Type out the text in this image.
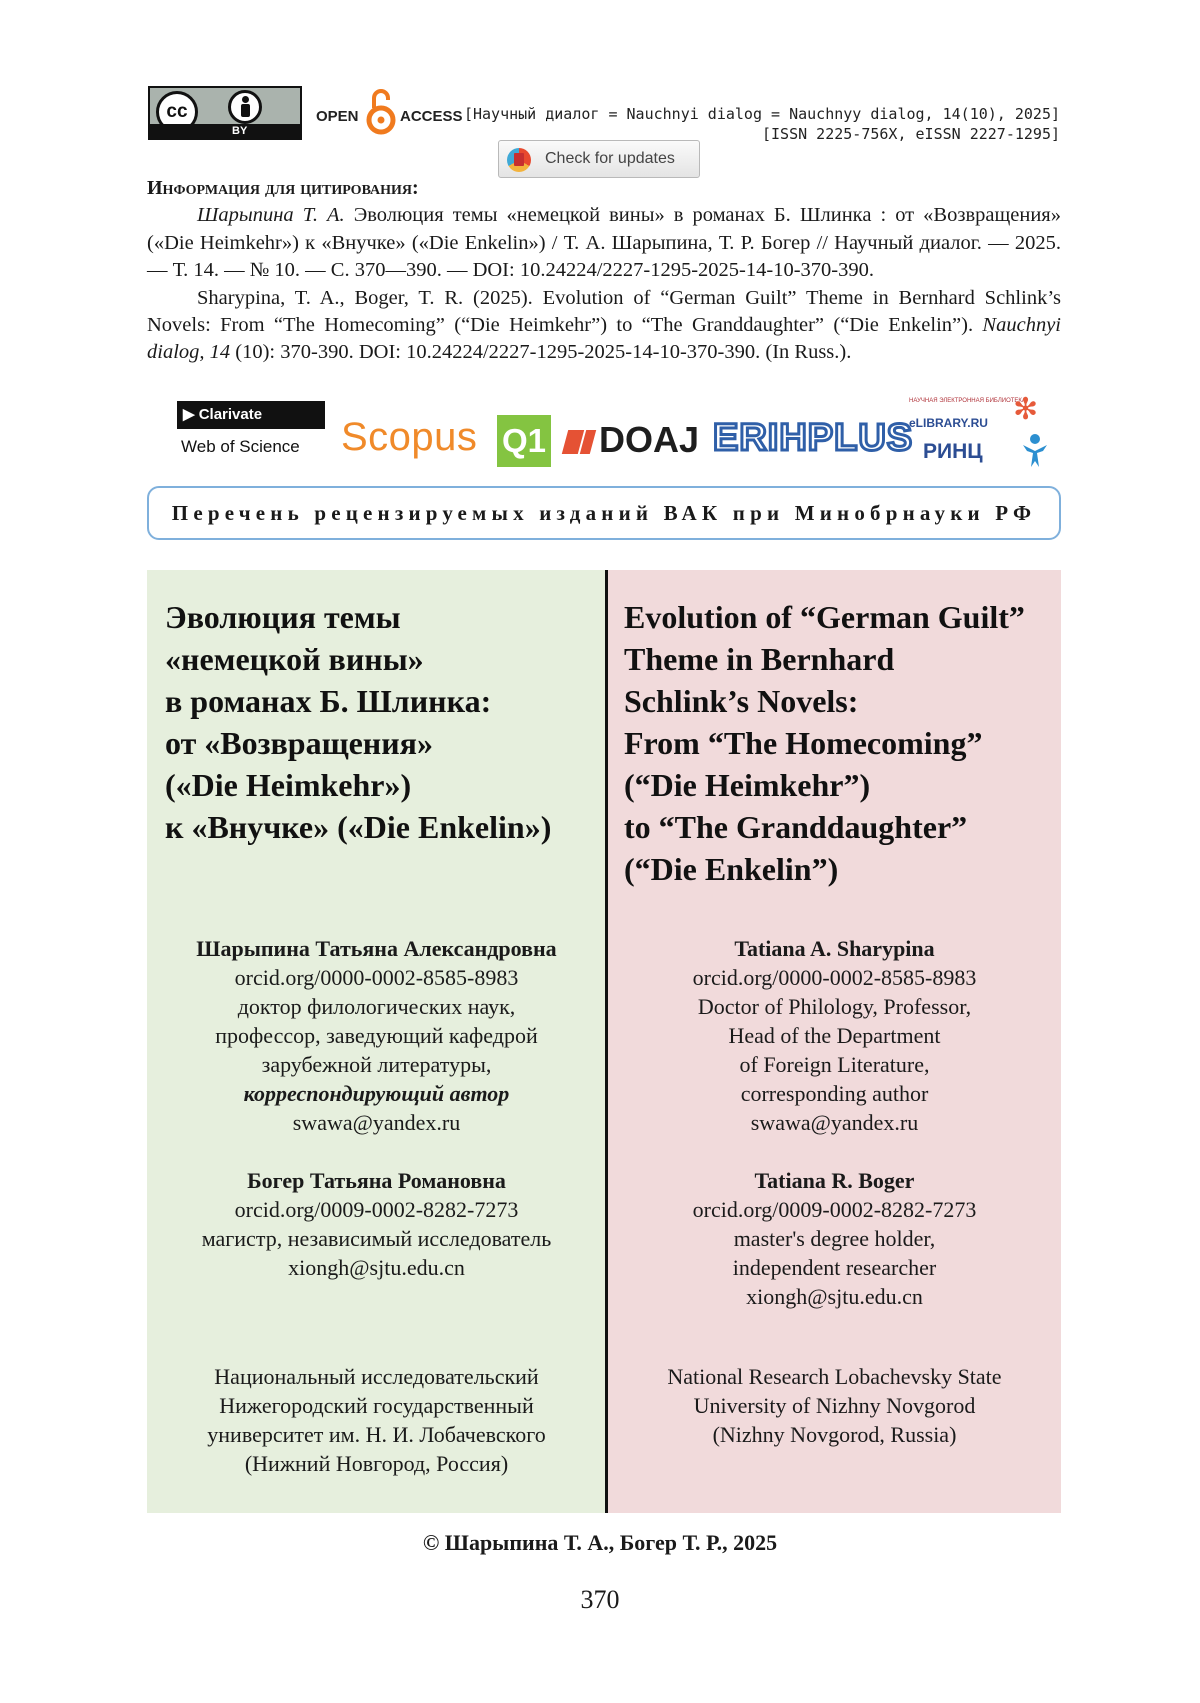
cc
BY
OPEN	ACCESS [Научный диалог = Nauchnyi dialog = Nauchnyy dialog, 14(10), 2025]
[ISSN 2225-756X, eISSN 2227-1295]
Check for updates
Информация для цитирования:

Шарыпина Т. А. Эволюция темы «немецкой вины» в романах Б. Шлинка : от «Возвращения» («Die Heimkehr») к «Внучке» («Die Enkelin») / Т. А. Шарыпина, Т. Р. Богер // Научный диалог. — 2025. — Т. 14. — № 10. — С. 370—390. — DOI: 10.24224/2227-1295-2025-14-10-370-390.

Sharypina, T. A., Boger, T. R. (2025). Evolution of “German Guilt” Theme in Bernhard Schlink’s Novels: From “The Homecoming” (“Die Heimkehr”) to “The Granddaughter” (“Die Enkelin”). Nauchnyi dialog, 14 (10): 370-390. DOI: 10.24224/2227-1295-2025-14-10-370-390. (In Russ.).

▶ Clarivate
Web of Science Scopus Q1	DOAJ ERIHPLUS
НАУЧНАЯ ЭЛЕКТРОННАЯ БИБЛИОТЕКА
eLIBRARY.RU
РИНЦ
✻
Перечень рецензируемых изданий ВАК при Минобрнауки РФ
Эволюция темы
«немецкой вины»
в романах Б. Шлинка:
от «Возвращения»
(«Die Heimkehr»)
к «Внучке» («Die Enkelin»)
Шарыпина Татьяна Александровна
orcid.org/0000-0002-8585-8983
доктор филологических наук,
профессор, заведующий кафедрой
зарубежной литературы,
корреспондирующий автор
swawa@yandex.ru
Богер Татьяна Романовна
orcid.org/0009-0002-8282-7273
магистр, независимый исследователь
xiongh@sjtu.edu.cn
Национальный исследовательский
Нижегородский государственный
университет им. Н. И. Лобачевского
(Нижний Новгород, Россия)
Evolution of “German Guilt”
Theme in Bernhard
Schlink’s Novels:
From “The Homecoming”
(“Die Heimkehr”)
to “The Granddaughter”
(“Die Enkelin”)
Tatiana A. Sharypina
orcid.org/0000-0002-8585-8983
Doctor of Philology, Professor,
Head of the Department
of Foreign Literature,
corresponding author
swawa@yandex.ru
Tatiana R. Boger
orcid.org/0009-0002-8282-7273
master's degree holder,
independent researcher
xiongh@sjtu.edu.cn
National Research Lobachevsky State
University of Nizhny Novgorod
(Nizhny Novgorod, Russia)
© Шарыпина Т. А., Богер Т. Р., 2025
370
